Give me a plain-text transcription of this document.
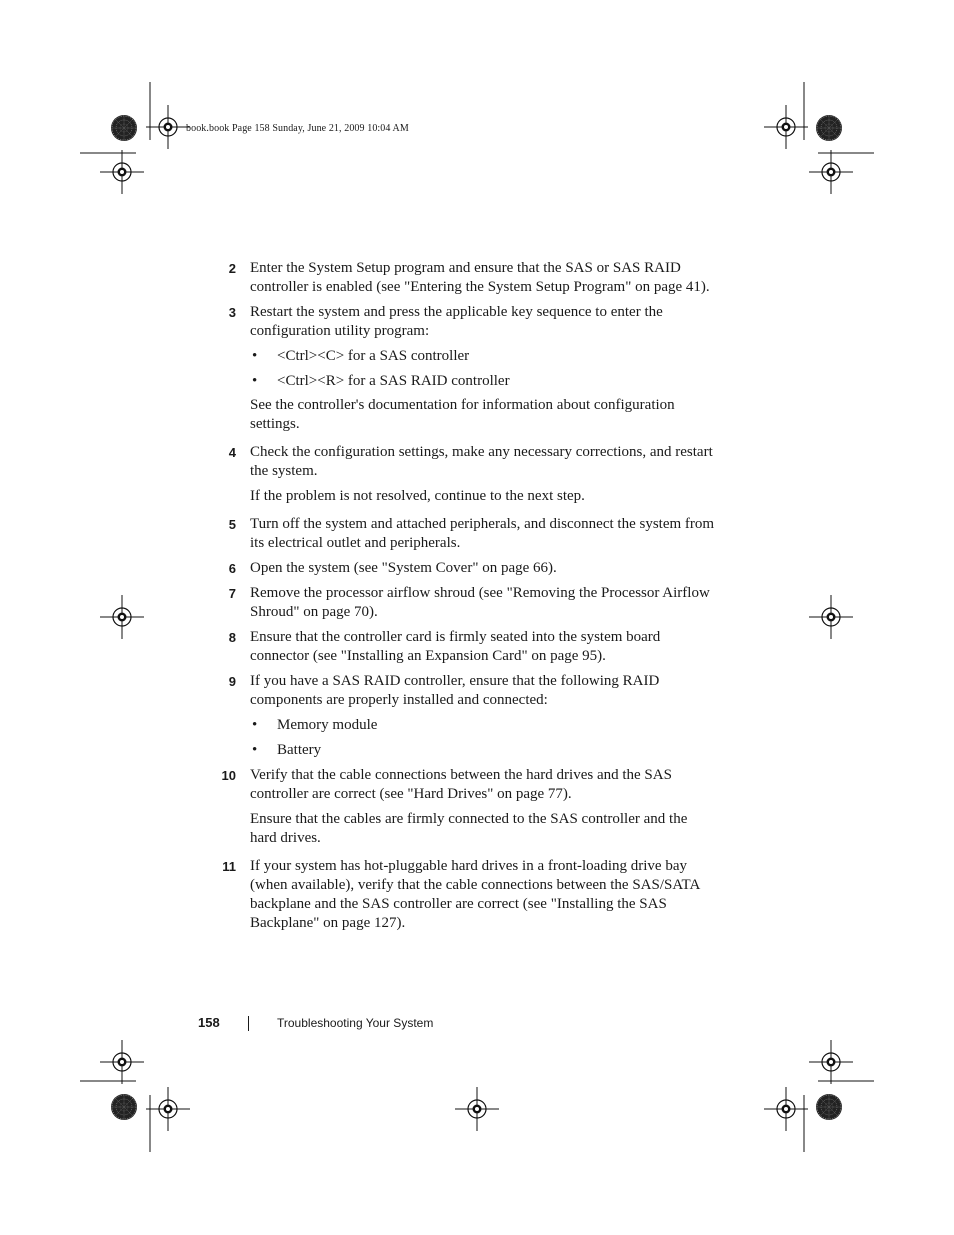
book.book Page 158 Sunday, June 21, 2009 10:04 AM
2 Enter the System Setup program and ensure that the SAS or SAS RAID controller is enabled (see "Entering the System Setup Program" on page 41).
3 Restart the system and press the applicable key sequence to enter the configuration utility program:
• <Ctrl><C> for a SAS controller
• <Ctrl><R> for a SAS RAID controller
See the controller's documentation for information about configuration settings.
4 Check the configuration settings, make any necessary corrections, and restart the system.
If the problem is not resolved, continue to the next step.
5 Turn off the system and attached peripherals, and disconnect the system from its electrical outlet and peripherals.
6 Open the system (see "System Cover" on page 66).
7 Remove the processor airflow shroud (see "Removing the Processor Airflow Shroud" on page 70).
8 Ensure that the controller card is firmly seated into the system board connector (see "Installing an Expansion Card" on page 95).
9 If you have a SAS RAID controller, ensure that the following RAID components are properly installed and connected:
• Memory module
• Battery
10 Verify that the cable connections between the hard drives and the SAS controller are correct (see "Hard Drives" on page 77).
Ensure that the cables are firmly connected to the SAS controller and the hard drives.
11 If your system has hot-pluggable hard drives in a front-loading drive bay (when available), verify that the cable connections between the SAS/SATA backplane and the SAS controller are correct (see "Installing the SAS Backplane" on page 127).
158	Troubleshooting Your System
